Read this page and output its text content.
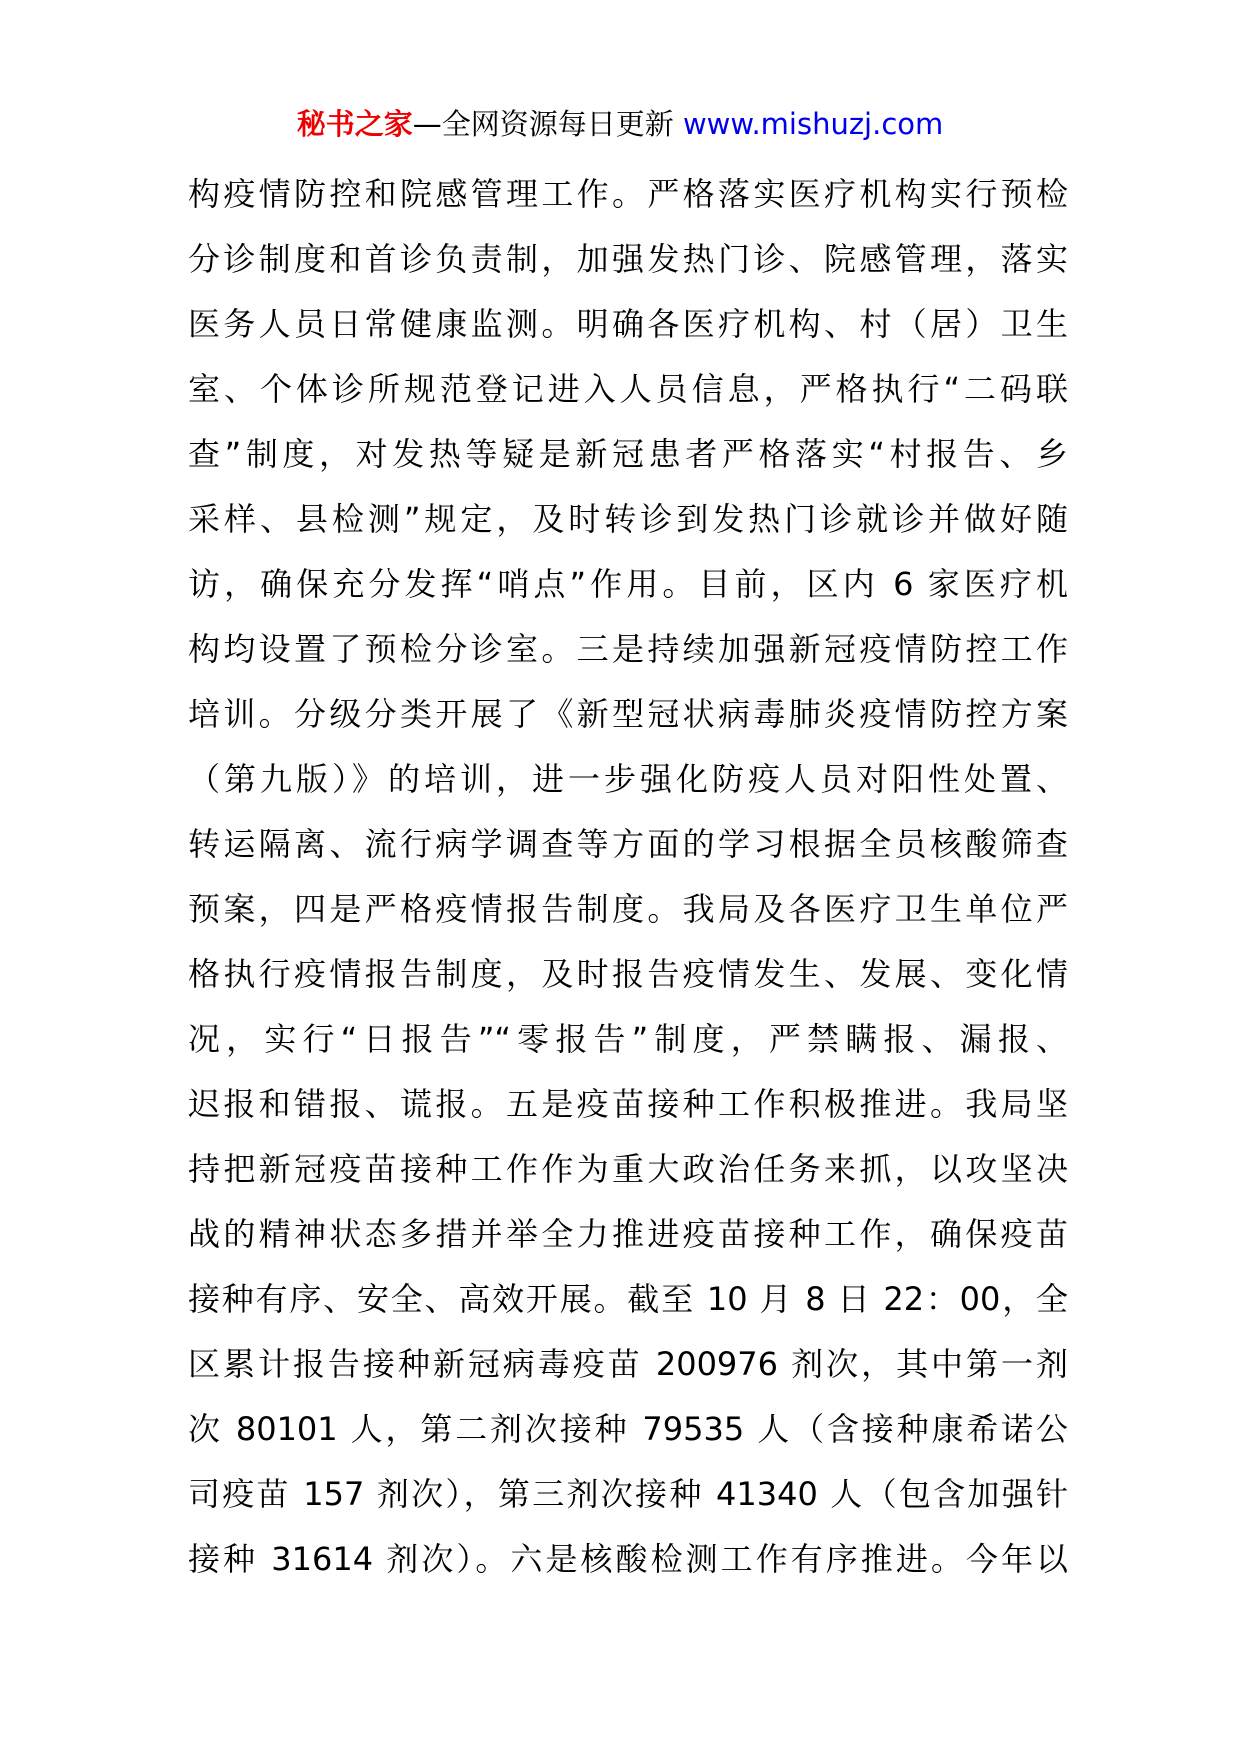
秘书之家—全网资源每日更新 www.mishuzj.com
构疫情防控和院感管理工作。严格落实医疗机构实行预检
分诊制度和首诊负责制，加强发热门诊、院感管理，落实
医务人员日常健康监测。明确各医疗机构、村（居）卫生
室、个体诊所规范登记进入人员信息，严格执行“二码联
查”制度，对发热等疑是新冠患者严格落实“村报告、乡
采样、县检测”规定，及时转诊到发热门诊就诊并做好随
访，确保充分发挥“哨点”作用。目前，区内 6 家医疗机
构均设置了预检分诊室。三是持续加强新冠疫情防控工作
培训。分级分类开展了《新型冠状病毒肺炎疫情防控方案
（第九版）》的培训，进一步强化防疫人员对阳性处置、
转运隔离、流行病学调查等方面的学习根据全员核酸筛查
预案，四是严格疫情报告制度。我局及各医疗卫生单位严
格执行疫情报告制度，及时报告疫情发生、发展、变化情
况，实行“日报告”“零报告”制度，严禁瞒报、漏报、
迟报和错报、谎报。五是疫苗接种工作积极推进。我局坚
持把新冠疫苗接种工作作为重大政治任务来抓，以攻坚决
战的精神状态多措并举全力推进疫苗接种工作，确保疫苗
接种有序、安全、高效开展。截至 10 月 8 日 22：00，全
区累计报告接种新冠病毒疫苗 200976 剂次，其中第一剂
次 80101 人，第二剂次接种 79535 人（含接种康希诺公
司疫苗 157 剂次），第三剂次接种 41340 人（包含加强针
接种 31614 剂次）。六是核酸检测工作有序推进。今年以
